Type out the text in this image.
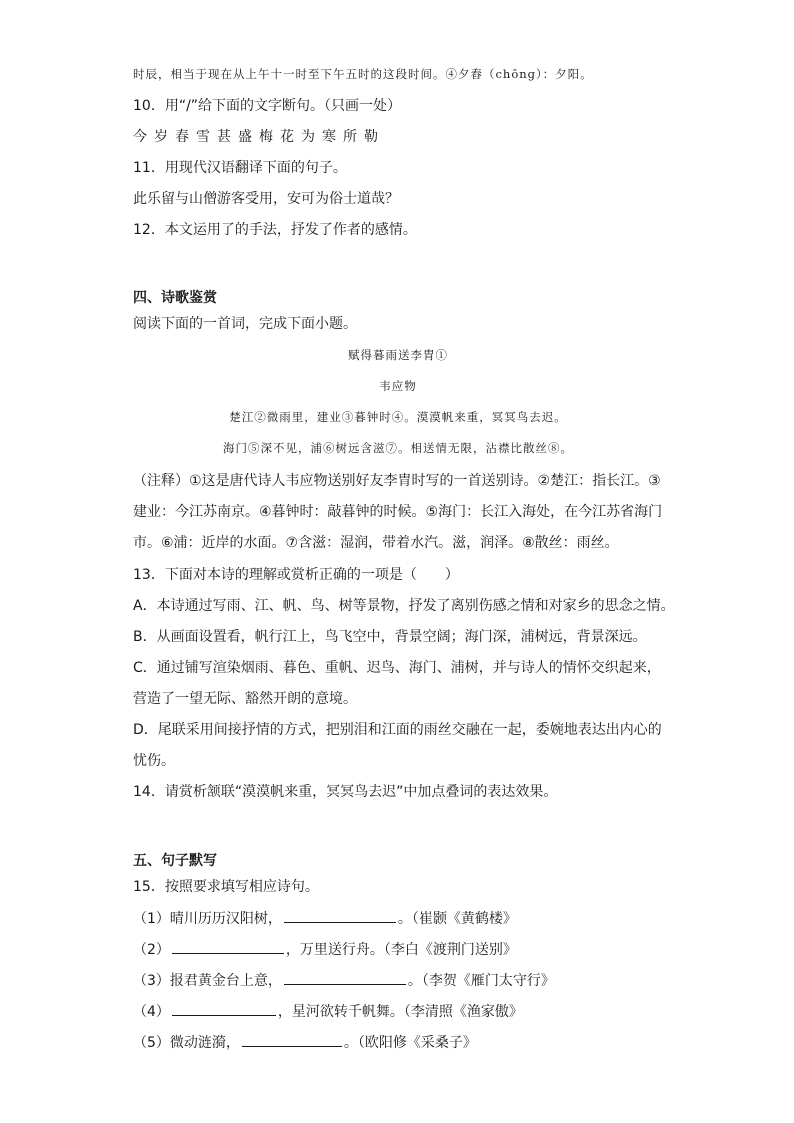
时辰，相当于现在从上午十一时至下午五时的这段时间。④夕舂（chōng）：夕阳。
10．用“/”给下面的文字断句。（只画一处）
今岁春雪甚盛梅花为寒所勒
11．用现代汉语翻译下面的句子。
此乐留与山僧游客受用，安可为俗士道哉？
12．本文运用了的手法，抒发了作者的感情。
四、诗歌鉴赏
阅读下面的一首词，完成下面小题。
赋得暮雨送李胄①
韦应物
楚江②微雨里，建业③暮钟时④。漠漠帆来重，冥冥鸟去迟。
海门⑤深不见，浦⑥树远含滋⑦。相送情无限，沾襟比散丝⑧。
（注释）①这是唐代诗人韦应物送别好友李胄时写的一首送别诗。②楚江：指长江。③
建业：今江苏南京。④暮钟时：敲暮钟的时候。⑤海门：长江入海处，在今江苏省海门
市。⑥浦：近岸的水面。⑦含滋：湿润，带着水汽。滋，润泽。⑧散丝：雨丝。
13．下面对本诗的理解或赏析正确的一项是（　　）
A．本诗通过写雨、江、帆、鸟、树等景物，抒发了离别伤感之情和对家乡的思念之情。
B．从画面设置看，帆行江上，鸟飞空中，背景空阔；海门深，浦树远，背景深远。
C．通过铺写渲染烟雨、暮色、重帆、迟鸟、海门、浦树，并与诗人的情怀交织起来，
营造了一望无际、豁然开朗的意境。
D．尾联采用间接抒情的方式，把别泪和江面的雨丝交融在一起，委婉地表达出内心的
忧伤。
14．请赏析颔联“漠漠帆来重，冥冥鸟去迟”中加点叠词的表达效果。
五、句子默写
15．按照要求填写相应诗句。
（1）晴川历历汉阳树，	。（崔颢《黄鹤楼》
（2）	，万里送行舟。（李白《渡荆门送别》
（3）报君黄金台上意，	。（李贺《雁门太守行》
（4）	，星河欲转千帆舞。（李清照《渔家傲》
（5）微动涟漪，	。（欧阳修《采桑子》
